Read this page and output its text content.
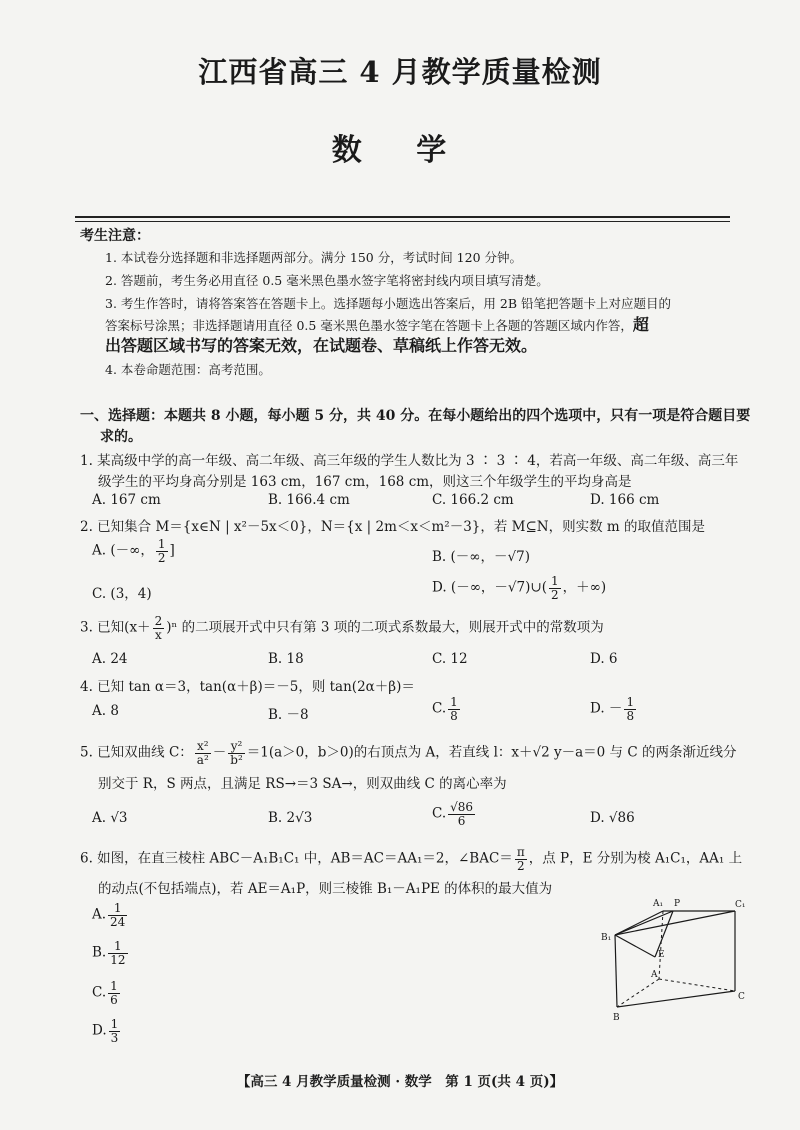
江西省高三 4 月教学质量检测
数 学
考生注意：
1. 本试卷分选择题和非选择题两部分。满分 150 分，考试时间 120 分钟。
2. 答题前，考生务必用直径 0.5 毫米黑色墨水签字笔将密封线内项目填写清楚。
3. 考生作答时，请将答案答在答题卡上。选择题每小题选出答案后，用 2B 铅笔把答题卡上对应题目的
答案标号涂黑；非选择题请用直径 0.5 毫米黑色墨水签字笔在答题卡上各题的答题区域内作答，超
出答题区域书写的答案无效，在试题卷、草稿纸上作答无效。
4. 本卷命题范围：高考范围。
一、选择题：本题共 8 小题，每小题 5 分，共 40 分。在每小题给出的四个选项中，只有一项是符合题目要
求的。
1. 某高级中学的高一年级、高二年级、高三年级的学生人数比为 3 ∶ 3 ∶ 4，若高一年级、高二年级、高三年
级学生的平均身高分别是 163 cm，167 cm，168 cm，则这三个年级学生的平均身高是
A. 167 cm	B. 166.4 cm	C. 166.2 cm	D. 166 cm
2. 已知集合 M＝{x∈N | x²－5x＜0}，N＝{x | 2m＜x＜m²－3}，若 M⊆N，则实数 m 的取值范围是
A. (－∞， $\frac{1}{2}$ ]	B. (－∞，－√7)
C. (3，4)	D. (－∞，－√7)∪( $\frac{1}{2}$ ，＋∞)
3. 已知$(x+ \frac{2}{x} )^n$ 的二项展开式中只有第 3 项的二项式系数最大，则展开式中的常数项为
A. 24	B. 18	C. 12	D. 6
4. 已知 tan α＝3，tan(α＋β)＝－5，则 tan(2α＋β)＝
A. 8	B. －8	C. $\frac{1}{8}$	D. － $\frac{1}{8}$
5. 已知双曲线 C： $\frac{\text{x²}}{\text{a²}} - \frac{\text{y²}}{\text{b²}} =1(a>0$，b＞0)的右顶点为 A，若直线 l：x＋√2 y－a＝0 与 C 的两条渐近线分
别交于 R，S 两点，且满足 RS→＝3 SA→，则双曲线 C 的离心率为
A. √3	B. 2√3	C. $\frac{√86}{6}$	D. √86
6. 如图，在直三棱柱 ABC－A₁B₁C₁ 中，AB＝AC＝AA₁＝2，∠BAC＝ $\frac{\pi}{2}$ ，点 P，E 分别为棱 A₁C₁，AA₁ 上
的动点(不包括端点)，若 AE＝A₁P，则三棱锥 B₁－A₁PE 的体积的最大值为
A. $\frac{1}{24}$
B. $\frac{1}{12}$
C. $\frac{1}{6}$
D. $\frac{1}{3}$
A₁ P	C₁
B₁
E
A
B
C
【高三 4 月教学质量检测 · 数学　第 1 页(共 4 页)】
